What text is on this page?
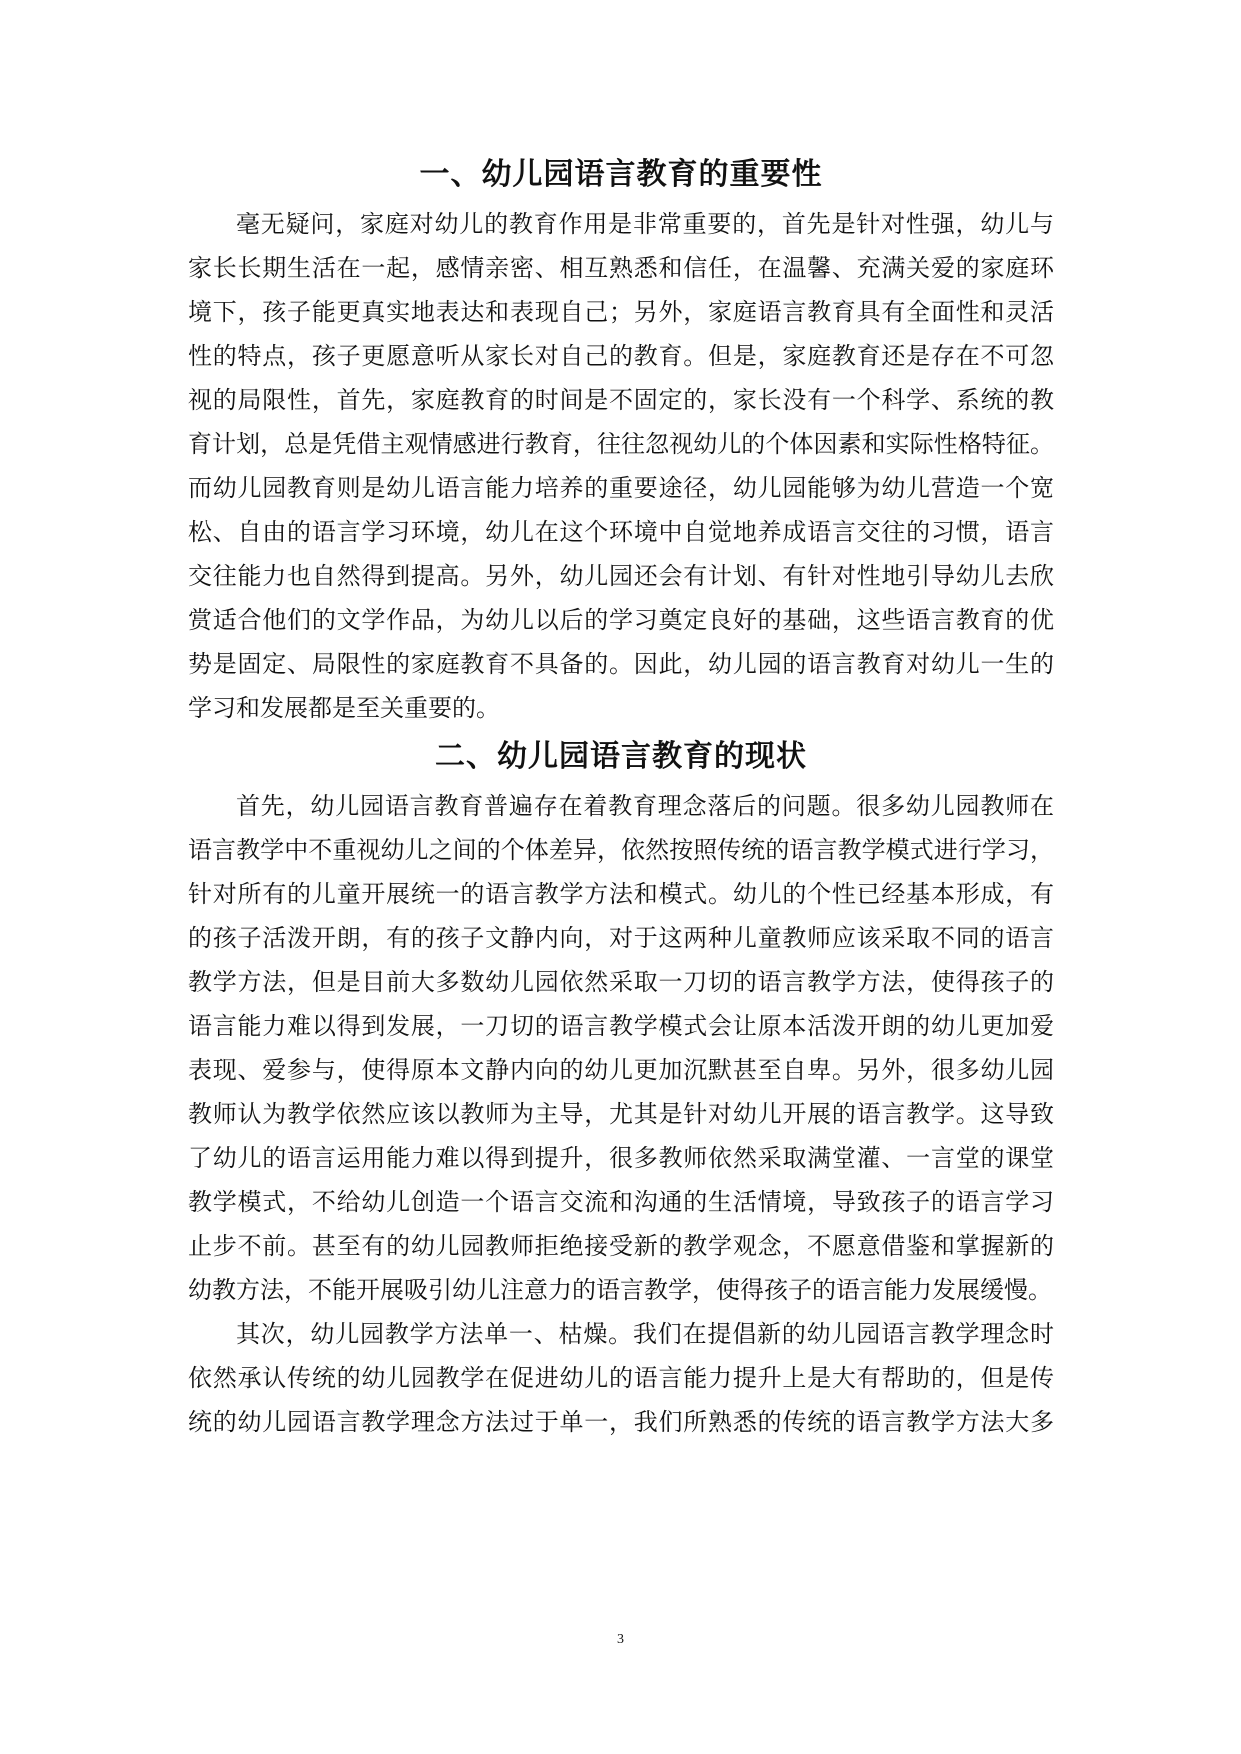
一、幼儿园语言教育的重要性
毫无疑问，家庭对幼儿的教育作用是非常重要的，首先是针对性强，幼儿与
家长长期生活在一起，感情亲密、相互熟悉和信任，在温馨、充满关爱的家庭环
境下，孩子能更真实地表达和表现自己；另外，家庭语言教育具有全面性和灵活
性的特点，孩子更愿意听从家长对自己的教育。但是，家庭教育还是存在不可忽
视的局限性，首先，家庭教育的时间是不固定的，家长没有一个科学、系统的教
育计划，总是凭借主观情感进行教育，往往忽视幼儿的个体因素和实际性格特征。
而幼儿园教育则是幼儿语言能力培养的重要途径，幼儿园能够为幼儿营造一个宽
松、自由的语言学习环境，幼儿在这个环境中自觉地养成语言交往的习惯，语言
交往能力也自然得到提高。另外，幼儿园还会有计划、有针对性地引导幼儿去欣
赏适合他们的文学作品，为幼儿以后的学习奠定良好的基础，这些语言教育的优
势是固定、局限性的家庭教育不具备的。因此，幼儿园的语言教育对幼儿一生的
学习和发展都是至关重要的。
二、幼儿园语言教育的现状
首先，幼儿园语言教育普遍存在着教育理念落后的问题。很多幼儿园教师在
语言教学中不重视幼儿之间的个体差异，依然按照传统的语言教学模式进行学习，
针对所有的儿童开展统一的语言教学方法和模式。幼儿的个性已经基本形成，有
的孩子活泼开朗，有的孩子文静内向，对于这两种儿童教师应该采取不同的语言
教学方法，但是目前大多数幼儿园依然采取一刀切的语言教学方法，使得孩子的
语言能力难以得到发展，一刀切的语言教学模式会让原本活泼开朗的幼儿更加爱
表现、爱参与，使得原本文静内向的幼儿更加沉默甚至自卑。另外，很多幼儿园
教师认为教学依然应该以教师为主导，尤其是针对幼儿开展的语言教学。这导致
了幼儿的语言运用能力难以得到提升，很多教师依然采取满堂灌、一言堂的课堂
教学模式，不给幼儿创造一个语言交流和沟通的生活情境，导致孩子的语言学习
止步不前。甚至有的幼儿园教师拒绝接受新的教学观念，不愿意借鉴和掌握新的
幼教方法，不能开展吸引幼儿注意力的语言教学，使得孩子的语言能力发展缓慢。
其次，幼儿园教学方法单一、枯燥。我们在提倡新的幼儿园语言教学理念时
依然承认传统的幼儿园教学在促进幼儿的语言能力提升上是大有帮助的，但是传
统的幼儿园语言教学理念方法过于单一，我们所熟悉的传统的语言教学方法大多
3
